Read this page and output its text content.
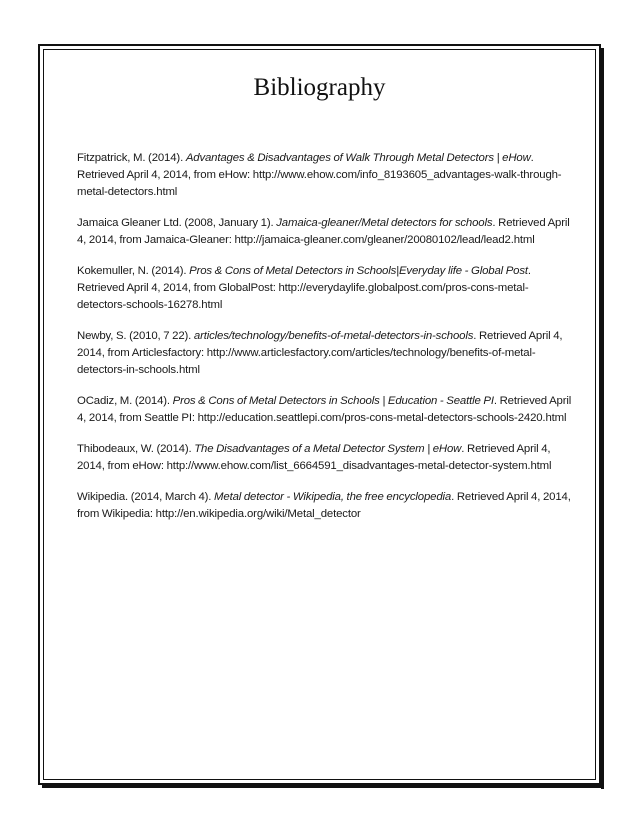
Bibliography

Fitzpatrick, M. (2014). Advantages & Disadvantages of Walk Through Metal Detectors | eHow. Retrieved April 4, 2014, from eHow: http://www.ehow.com/info_8193605_advantages-walk-through-metal-detectors.html

Jamaica Gleaner Ltd. (2008, January 1). Jamaica-gleaner/Metal detectors for schools. Retrieved April 4, 2014, from Jamaica-Gleaner: http://jamaica-gleaner.com/gleaner/20080102/lead/lead2.html

Kokemuller, N. (2014). Pros & Cons of Metal Detectors in Schools|Everyday life - Global Post. Retrieved April 4, 2014, from GlobalPost: http://everydaylife.globalpost.com/pros-cons-metal-detectors-schools-16278.html

Newby, S. (2010, 7 22). articles/technology/benefits-of-metal-detectors-in-schools. Retrieved April 4, 2014, from Articlesfactory: http://www.articlesfactory.com/articles/technology/benefits-of-metal-detectors-in-schools.html

OCadiz, M. (2014). Pros & Cons of Metal Detectors in Schools | Education - Seattle PI. Retrieved April 4, 2014, from Seattle PI: http://education.seattlepi.com/pros-cons-metal-detectors-schools-2420.html

Thibodeaux, W. (2014). The Disadvantages of a Metal Detector System | eHow. Retrieved April 4, 2014, from eHow: http://www.ehow.com/list_6664591_disadvantages-metal-detector-system.html

Wikipedia. (2014, March 4). Metal detector - Wikipedia, the free encyclopedia. Retrieved April 4, 2014, from Wikipedia: http://en.wikipedia.org/wiki/Metal_detector
